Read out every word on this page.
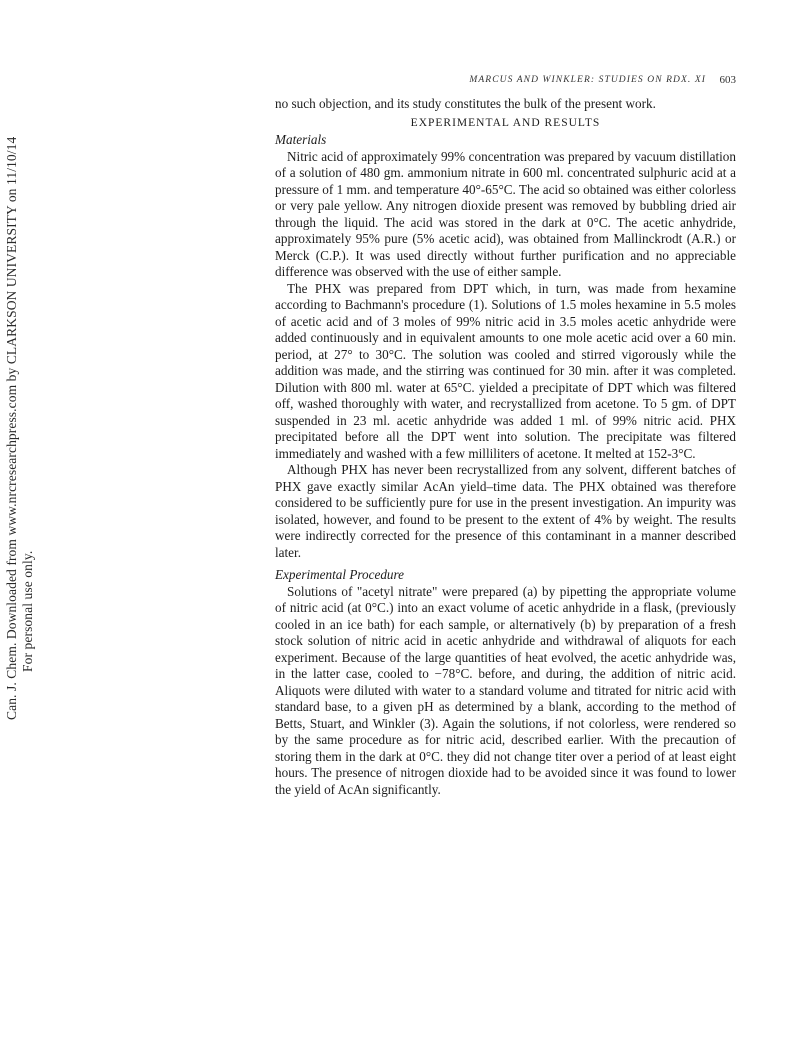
Can. J. Chem. Downloaded from www.nrcresearchpress.com by CLARKSON UNIVERSITY on 11/10/14 For personal use only.
MARCUS AND WINKLER: STUDIES ON RDX. XI 603

no such objection, and its study constitutes the bulk of the present work.

EXPERIMENTAL AND RESULTS
Materials

Nitric acid of approximately 99% concentration was prepared by vacuum distillation of a solution of 480 gm. ammonium nitrate in 600 ml. concentrated sulphuric acid at a pressure of 1 mm. and temperature 40°-65°C. The acid so obtained was either colorless or very pale yellow. Any nitrogen dioxide present was removed by bubbling dried air through the liquid. The acid was stored in the dark at 0°C. The acetic anhydride, approximately 95% pure (5% acetic acid), was obtained from Mallinckrodt (A.R.) or Merck (C.P.). It was used directly without further purification and no appreciable difference was observed with the use of either sample.

The PHX was prepared from DPT which, in turn, was made from hexamine according to Bachmann's procedure (1). Solutions of 1.5 moles hexamine in 5.5 moles of acetic acid and of 3 moles of 99% nitric acid in 3.5 moles acetic anhydride were added continuously and in equivalent amounts to one mole acetic acid over a 60 min. period, at 27° to 30°C. The solution was cooled and stirred vigorously while the addition was made, and the stirring was continued for 30 min. after it was completed. Dilution with 800 ml. water at 65°C. yielded a precipitate of DPT which was filtered off, washed thoroughly with water, and recrystallized from acetone. To 5 gm. of DPT suspended in 23 ml. acetic anhydride was added 1 ml. of 99% nitric acid. PHX precipitated before all the DPT went into solution. The precipitate was filtered immediately and washed with a few milliliters of acetone. It melted at 152-3°C.

Although PHX has never been recrystallized from any solvent, different batches of PHX gave exactly similar AcAn yield–time data. The PHX obtained was therefore considered to be sufficiently pure for use in the present investigation. An impurity was isolated, however, and found to be present to the extent of 4% by weight. The results were indirectly corrected for the presence of this contaminant in a manner described later.

Experimental Procedure

Solutions of "acetyl nitrate" were prepared (a) by pipetting the appropriate volume of nitric acid (at 0°C.) into an exact volume of acetic anhydride in a flask, (previously cooled in an ice bath) for each sample, or alternatively (b) by preparation of a fresh stock solution of nitric acid in acetic anhydride and withdrawal of aliquots for each experiment. Because of the large quantities of heat evolved, the acetic anhydride was, in the latter case, cooled to −78°C. before, and during, the addition of nitric acid. Aliquots were diluted with water to a standard volume and titrated for nitric acid with standard base, to a given pH as determined by a blank, according to the method of Betts, Stuart, and Winkler (3). Again the solutions, if not colorless, were rendered so by the same procedure as for nitric acid, described earlier. With the precaution of storing them in the dark at 0°C. they did not change titer over a period of at least eight hours. The presence of nitrogen dioxide had to be avoided since it was found to lower the yield of AcAn significantly.
